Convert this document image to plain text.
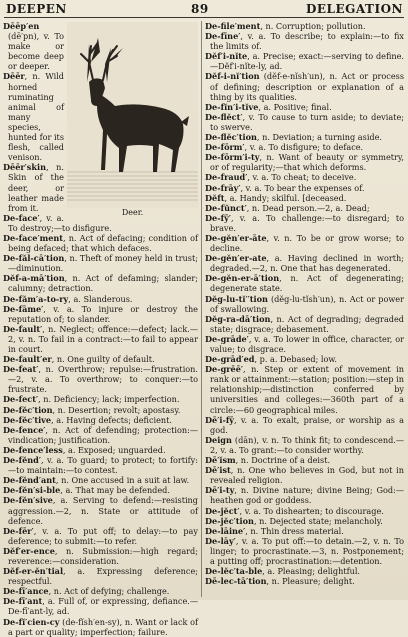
DEEPEN	89	DELEGATION
Deer.

Dēēp′en (dē′pn), v. To make or become deep or deeper.

Dēēr, n. Wild horned ruminating animal of many species, hunted for its flesh, called venison.

Dēēr′skin, n. Skin of the deer, or leather made from it.

De-face′, v. a. To destroy;—to disfigure.

De-face′ment, n. Act of defacing; condition of being defaced; that which defaces.

De-făl-cā′tion, n. Theft of money held in trust;—diminution.

Dĕf-a-mā′tion, n. Act of defaming; slander; calumny; detraction.

De-făm′a-to-ry, a. Slanderous.

De-fāme′, v. a. To injure or destroy the reputation of; to slander.

De-fault′, n. Neglect; offence:—defect; lack.—2, v. n. To fail in a contract:—to fail to appear in court.

De-fault′er, n. One guilty of default.

De-feat′, n. Overthrow; repulse:—frustration.—2, v. a. To overthrow; to conquer:—to frustrate.

De-fect′, n. Deficiency; lack; imperfection.

De-fĕc′tion, n. Desertion; revolt; apostasy.

De-fĕc′tive, a. Having defects; deficient.

De-fence′, n. Act of defending; protection:—vindication; justification.

De-fence′less, a. Exposed; unguarded.

De-fĕnd′, v. a. To guard; to protect; to fortify:—to maintain:—to contest.

De-fĕnd′ant, n. One accused in a suit at law.

De-fĕn′si-ble, a. That may be defended.

De-fĕn′sive, a. Serving to defend:—resisting aggression.—2, n. State or attitude of defence.

De-fēr′, v. a. To put off; to delay:—to pay deference; to submit:—to refer.

Dĕf′er-ence, n. Submission:—high regard; reverence:—consideration.

Dĕf-er-ĕn′tial, a. Expressing deference; respectful.

De-fī′ance, n. Act of defying; challenge.

De-fī′ant, a. Full of, or expressing, defiance.—De-fī′ant-ly, ad.

De-fĭ′cien-cy (de-fĭsh′en-sy), n. Want or lack of a part or quality; imperfection; failure.

De-file′ment, n. Corruption; pollution.

De-fīne′, v. a. To describe; to explain:—to fix the limits of.

Dĕf′i-nĭte, a. Precise; exact:—serving to define.—Dĕf′i-nĭte-ly, ad.

Dĕf-i-nĭ′tion (dĕf-e-nĭsh′un), n. Act or process of defining; description or explanation of a thing by its qualities.

De-fĭn′i-tĭve, a. Positive; final.

De-flĕct′, v. To cause to turn aside; to deviate; to swerve.

De-flĕc′tion, n. Deviation; a turning aside.

De-fōrm′, v. a. To disfigure; to deface.

De-fōrm′i-ty, n. Want of beauty or symmetry, or of regularity;—that which deforms.

De-fraud′, v. a. To cheat; to deceive.

De-frāy′, v. a. To bear the expenses of.

Dĕft, a. Handy; skilful. [deceased.

De-fŭnct′, n. Dead person.—2, a. Dead;

De-fȳ′, v. a. To challenge:—to disregard; to brave.

De-gĕn′er-āte, v. n. To be or grow worse; to decline.

De-gĕn′er-ate, a. Having declined in worth; degraded.—2, n. One that has degenerated.

De-gĕn-er-ā′tion, n. Act of degenerating; degenerate state.

Dĕg-lu-tĭ′′tion (dĕg-lu-tĭsh′un), n. Act or power of swallowing.

Dĕg-ra-dā′tion, n. Act of degrading; degraded state; disgrace; debasement.

De-grāde′, v. a. To lower in office, character, or value; to disgrace.

De-grād′ed, p. a. Debased; low.

De-grēē′, n. Step or extent of movement in rank or attainment:—station; position:—step in relationship;—distinction conferred by universities and colleges:—360th part of a circle:—60 geographical miles.

Dē′i-fȳ, v. a. To exalt, praise, or worship as a god.

Deign (dān), v. n. To think fit; to condescend.—2, v. a. To grant:—to consider worthy.

Dē′ĭsm, n. Doctrine of a deist.

Dē′ist, n. One who believes in God, but not in revealed religion.

Dē′i-ty, n. Divine nature; divine Being; God:—heathen god or goddess.

De-jĕct′, v. a. To dishearten; to discourage.

De-jĕc′tion, n. Dejected state; melancholy.

De-lāine′, n. Thin dress material.

De-lāy′, v. a. To put off:—to detain.—2, v. n. To linger; to procrastinate.—3, n. Postponement; a putting off; procrastination:—detention.

De-lĕc′ta-ble, a. Pleasing; delightful.

Dē-lec-tā′tion, n. Pleasure; delight.
